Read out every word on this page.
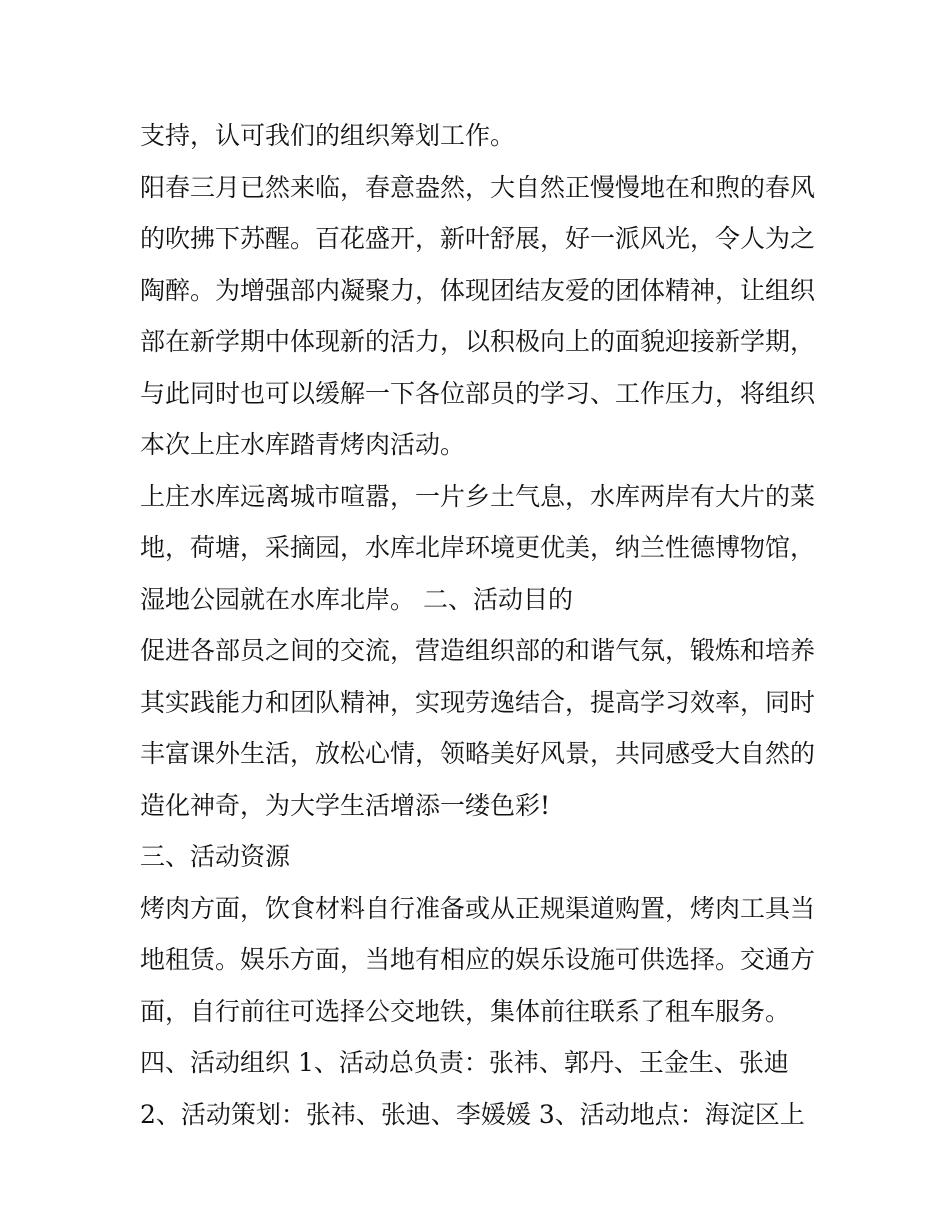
支持，认可我们的组织筹划工作。
阳春三月已然来临，春意盎然，大自然正慢慢地在和煦的春风
的吹拂下苏醒。百花盛开，新叶舒展，好一派风光，令人为之
陶醉。为增强部内凝聚力，体现团结友爱的团体精神，让组织
部在新学期中体现新的活力，以积极向上的面貌迎接新学期，
与此同时也可以缓解一下各位部员的学习、工作压力，将组织
本次上庄水库踏青烤肉活动。
上庄水库远离城市喧嚣，一片乡土气息，水库两岸有大片的菜
地，荷塘，采摘园，水库北岸环境更优美，纳兰性德博物馆，
湿地公园就在水库北岸。 二、活动目的
促进各部员之间的交流，营造组织部的和谐气氛，锻炼和培养
其实践能力和团队精神，实现劳逸结合，提高学习效率，同时
丰富课外生活，放松心情，领略美好风景，共同感受大自然的
造化神奇，为大学生活增添一缕色彩!
三、活动资源
烤肉方面，饮食材料自行准备或从正规渠道购置，烤肉工具当
地租赁。娱乐方面，当地有相应的娱乐设施可供选择。交通方
面，自行前往可选择公交地铁，集体前往联系了租车服务。
四、活动组织 1、活动总负责：张祎、郭丹、王金生、张迪
2、活动策划：张祎、张迪、李媛媛 3、活动地点：海淀区上
